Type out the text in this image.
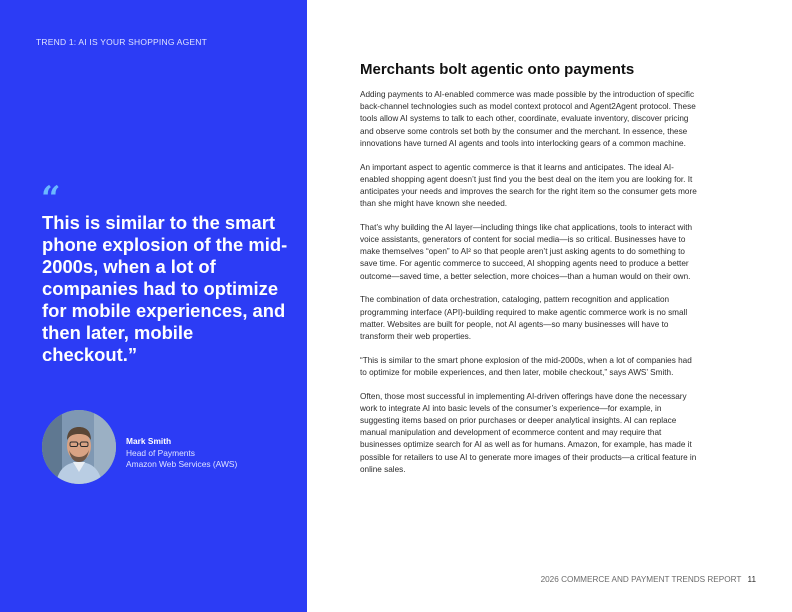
TREND 1: AI IS YOUR SHOPPING AGENT
“

This is similar to the smart phone explosion of the mid-2000s, when a lot of companies had to optimize for mobile experiences, and then later, mobile checkout.”

Mark Smith
Head of Payments
Amazon Web Services (AWS)
Merchants bolt agentic onto payments

Adding payments to AI-enabled commerce was made possible by the introduction of specific back-channel technologies such as model context protocol and Agent2Agent protocol. These tools allow AI systems to talk to each other, coordinate, evaluate inventory, discover pricing and observe some controls set both by the consumer and the merchant. In essence, these innovations have turned AI agents and tools into interlocking gears of a common machine.

An important aspect to agentic commerce is that it learns and anticipates. The ideal AI-enabled shopping agent doesn’t just find you the best deal on the item you are looking for. It anticipates your needs and improves the search for the right item so the consumer gets more than she might have known she needed.

That’s why building the AI layer—including things like chat applications, tools to interact with voice assistants, generators of content for social media—is so critical. Businesses have to make themselves “open” to AI² so that people aren’t just asking agents to do something to save time. For agentic commerce to succeed, AI shopping agents need to produce a better outcome—saved time, a better selection, more choices—than a human would on their own.

The combination of data orchestration, cataloging, pattern recognition and application programming interface (API)-building required to make agentic commerce work is no small matter. Websites are built for people, not AI agents—so many businesses will have to transform their web properties.

“This is similar to the smart phone explosion of the mid-2000s, when a lot of companies had to optimize for mobile experiences, and then later, mobile checkout,” says AWS’ Smith.

Often, those most successful in implementing AI-driven offerings have done the necessary work to integrate AI into basic levels of the consumer’s experience—for example, in suggesting items based on prior purchases or deeper analytical insights. AI can replace manual manipulation and development of ecommerce content and may require that businesses optimize search for AI as well as for humans. Amazon, for example, has made it possible for retailers to use AI to generate more images of their products—a critical feature in online sales.

2026 COMMERCE AND PAYMENT TRENDS REPORT 11
